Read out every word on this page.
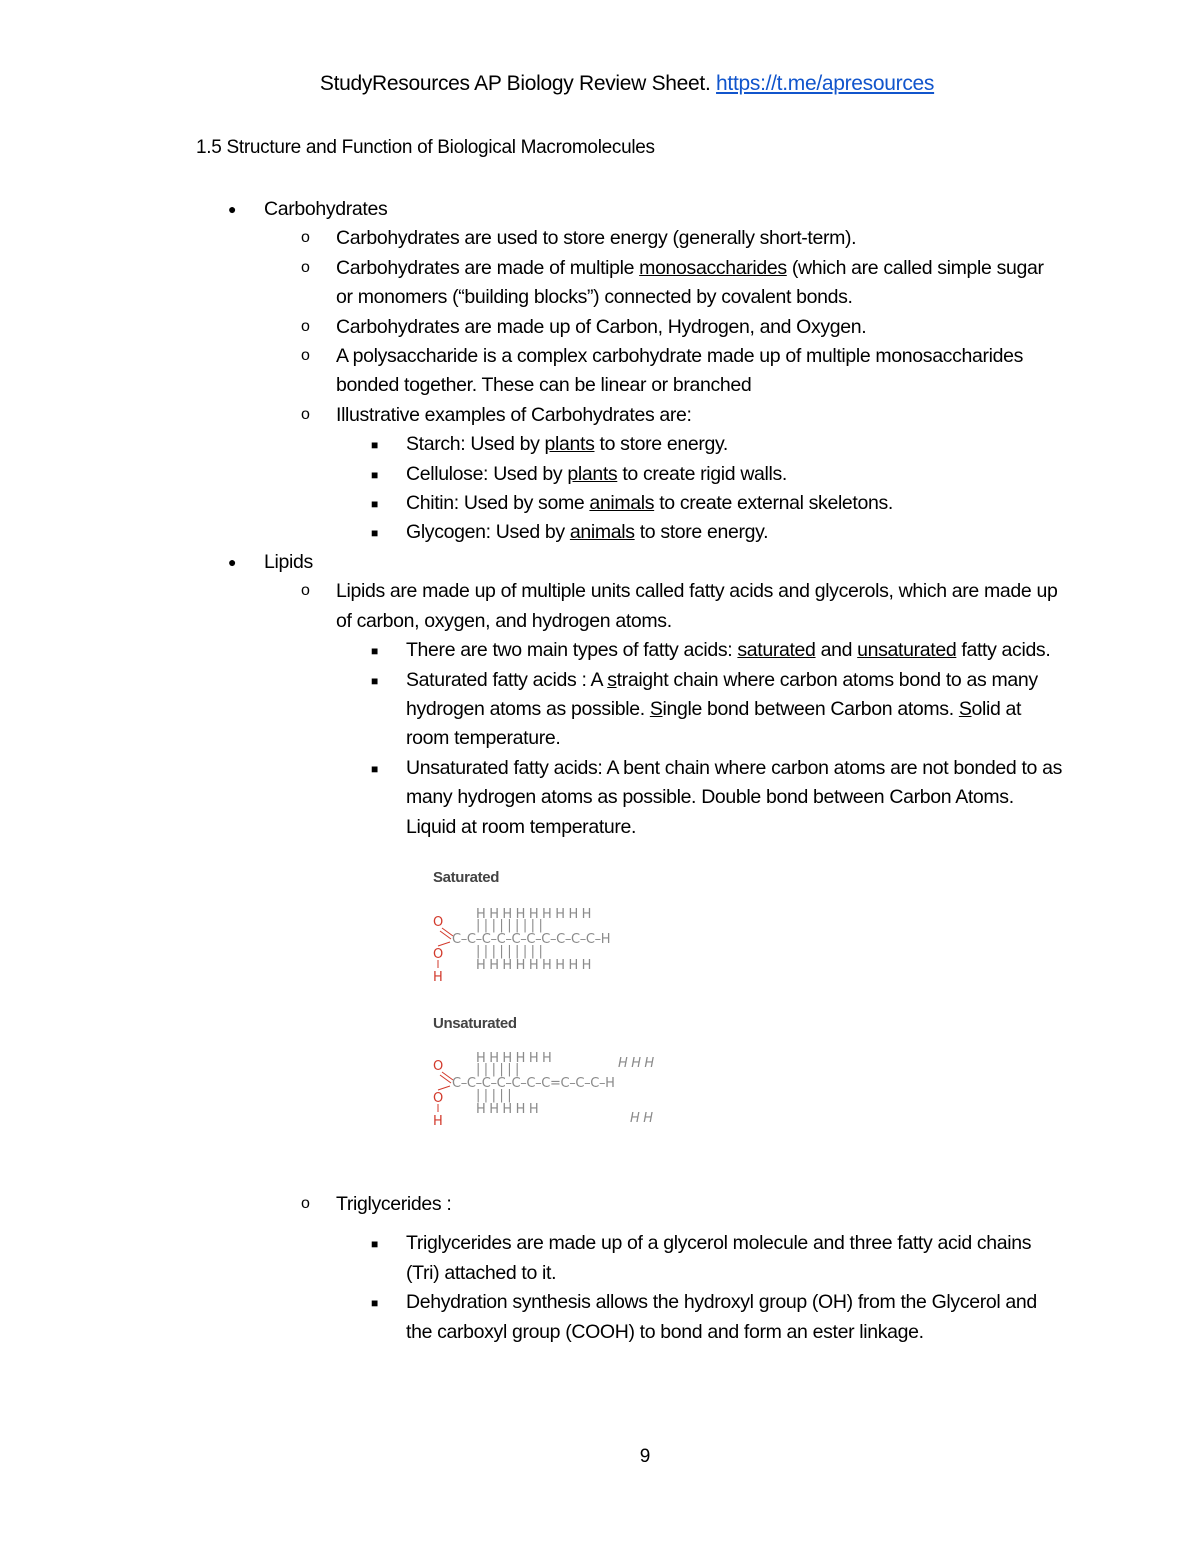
StudyResources AP Biology Review Sheet. https://t.me/apresources
1.5 Structure and Function of Biological Macromolecules
● Carbohydrates
o Carbohydrates are used to store energy (generally short-term).
o Carbohydrates are made of multiple monosaccharides (which are called simple sugar or monomers (“building blocks”) connected by covalent bonds.
o Carbohydrates are made up of Carbon, Hydrogen, and Oxygen.
o A polysaccharide is a complex carbohydrate made up of multiple monosaccharides bonded together. These can be linear or branched
o Illustrative examples of Carbohydrates are:
■ Starch: Used by plants to store energy.
■ Cellulose: Used by plants to create rigid walls.
■ Chitin: Used by some animals to create external skeletons.
■ Glycogen: Used by animals to store energy.
● Lipids
o Lipids are made up of multiple units called fatty acids and glycerols, which are made up of carbon, oxygen, and hydrogen atoms.
■ There are two main types of fatty acids: saturated and unsaturated fatty acids.
■ Saturated fatty acids : A straight chain where carbon atoms bond to as many hydrogen atoms as possible. Single bond between Carbon atoms. Solid at room temperature.
■ Unsaturated fatty acids: A bent chain where carbon atoms are not bonded to as many hydrogen atoms as possible. Double bond between Carbon Atoms. Liquid at room temperature.
Saturated
O
O
H
C–C–C–C–C–C–C–C–C–C–H
H H H H H H H H H
| | | | | | | | |
| | | | | | | | |
H H H H H H H H H
Unsaturated
O
O
H
C–C–C–C–C–C–C=C–C–C–H
H H H H H H
| | | | | |
| | | | |
H H H H H
H H H
H H
o Triglycerides :
■ Triglycerides are made up of a glycerol molecule and three fatty acid chains (Tri) attached to it.
■ Dehydration synthesis allows the hydroxyl group (OH) from the Glycerol and the carboxyl group (COOH) to bond and form an ester linkage.
9
